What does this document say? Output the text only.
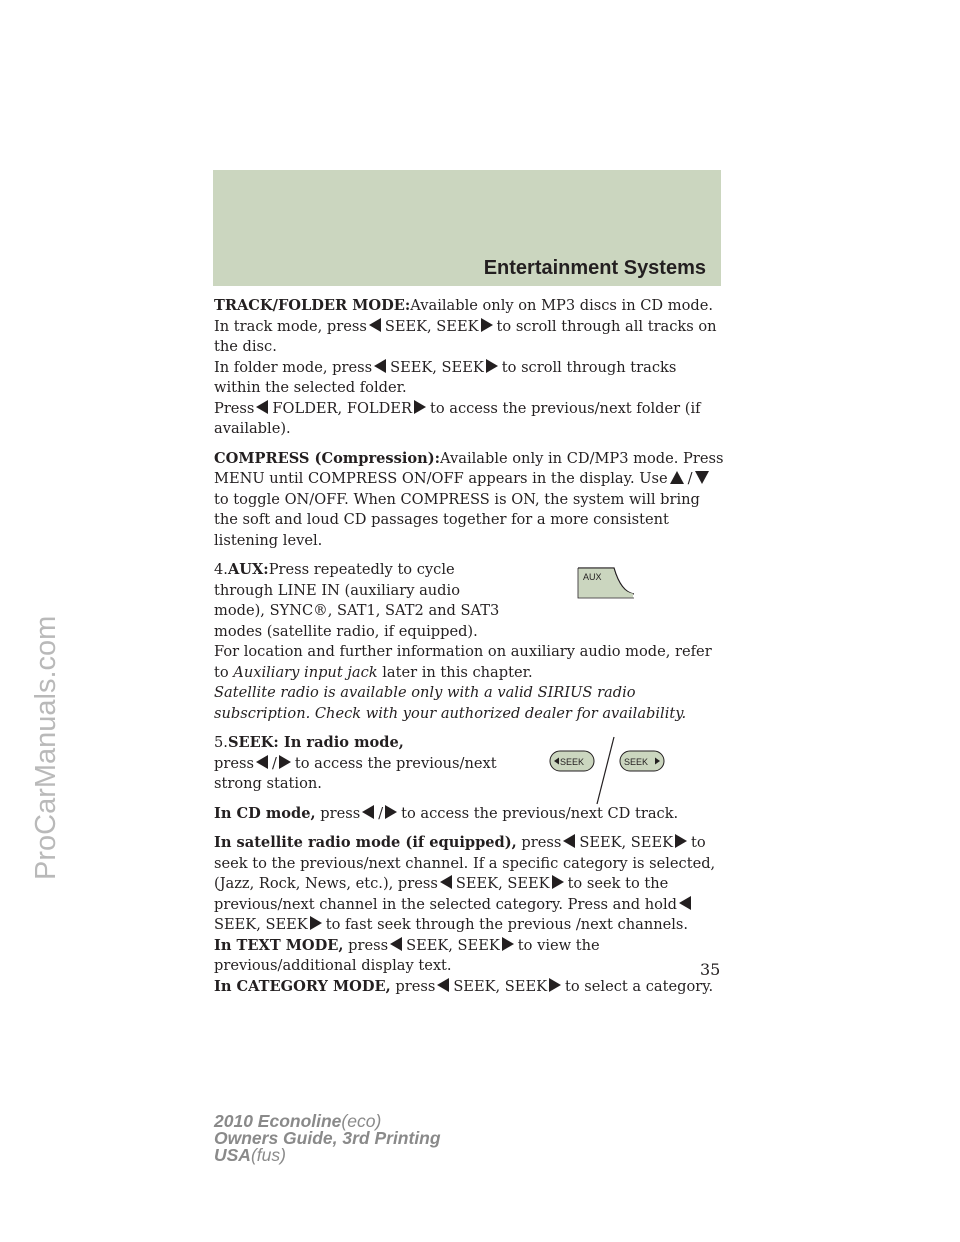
Entertainment Systems

TRACK/FOLDER MODE:Available only on MP3 discs in CD mode.

In track mode, press SEEK, SEEK to scroll through all tracks on the disc.

In folder mode, press SEEK, SEEK to scroll through tracks within the selected folder.

Press FOLDER, FOLDER to access the previous/next folder (if available).

COMPRESS (Compression):Available only in CD/MP3 mode. Press MENU until COMPRESS ON/OFF appears in the display. Use /to toggle ON/OFF. When COMPRESS is ON, the system will bring the soft and loud CD passages together for a more consistent listening level.

4.AUX:Press repeatedly to cycle through LINE IN (auxiliary audio mode), SYNC®, SAT1, SAT2 and SAT3 modes (satellite radio, if equipped).

AUX

For location and further information on auxiliary audio mode, refer to Auxiliary input jack later in this chapter.

Satellite radio is available only with a valid SIRIUS radio subscription. Check with your authorized dealer for availability.

5.SEEK: In radio mode,
press / to access the previous/next strong station.

SEEK	SEEK

In CD mode, press / to access the previous/next CD track.

In satellite radio mode (if equipped), press SEEK, SEEK to seek to the previous/next channel. If a specific category is selected, (Jazz, Rock, News, etc.), press SEEK, SEEK to seek to the previous/next channel in the selected category. Press and holdSEEK, SEEK to fast seek through the previous /next channels.

In TEXT MODE, press SEEK, SEEK to view the previous/additional display text.

In CATEGORY MODE, press SEEK, SEEK to select a category.

35
2010 Econoline(eco)
Owners Guide, 3rd Printing
USA(fus)
ProCarManuals.com
